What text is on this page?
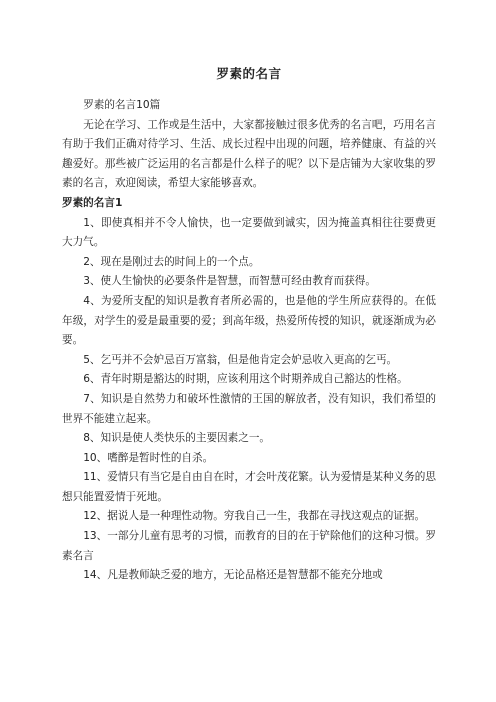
罗素的名言

罗素的名言10篇

无论在学习、工作或是生活中，大家都接触过很多优秀的名言吧，巧用名言有助于我们正确对待学习、生活、成长过程中出现的问题，培养健康、有益的兴趣爱好。那些被广泛运用的名言都是什么样子的呢？以下是店铺为大家收集的罗素的名言，欢迎阅读，希望大家能够喜欢。

罗素的名言1

1、即使真相并不令人愉快，也一定要做到诚实，因为掩盖真相往往要费更大力气。

2、现在是刚过去的时间上的一个点。

3、使人生愉快的必要条件是智慧，而智慧可经由教育而获得。

4、为爱所支配的知识是教育者所必需的，也是他的学生所应获得的。在低年级，对学生的爱是最重要的爱；到高年级，热爱所传授的知识，就逐渐成为必要。

5、乞丐并不会妒忌百万富翁，但是他肯定会妒忌收入更高的乞丐。

6、青年时期是豁达的时期，应该利用这个时期养成自己豁达的性格。

7、知识是自然势力和破坏性激情的王国的解放者，没有知识，我们希望的世界不能建立起来。

8、知识是使人类快乐的主要因素之一。

10、嗜醉是暂时性的自杀。

11、爱情只有当它是自由自在时，才会叶茂花繁。认为爱情是某种义务的思想只能置爱情于死地。

12、据说人是一种理性动物。穷我自己一生，我都在寻找这观点的证据。

13、一部分儿童有思考的习惯，而教育的目的在于铲除他们的这种习惯。罗素名言

14、凡是教师缺乏爱的地方，无论品格还是智慧都不能充分地或
